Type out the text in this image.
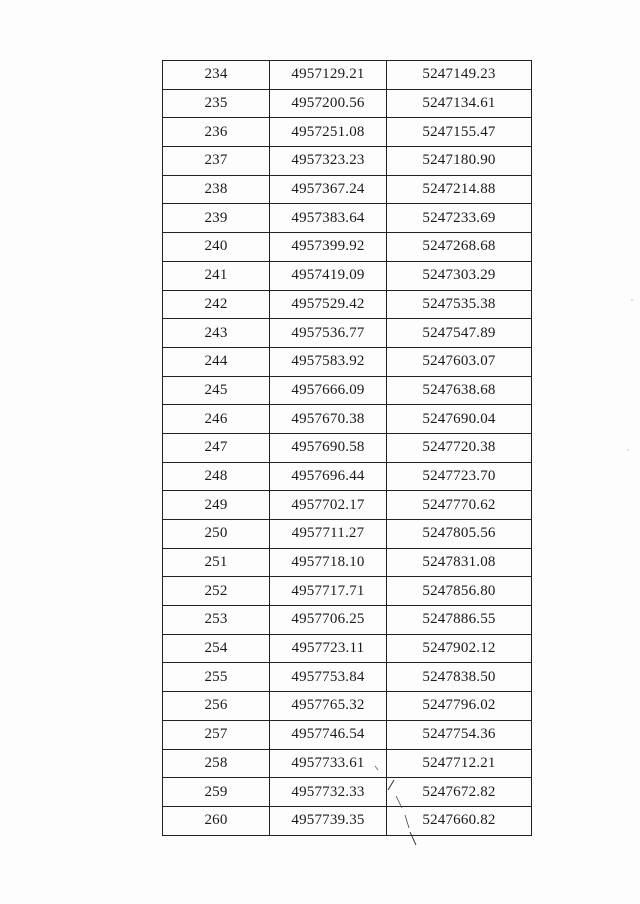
234	4957129.21	5247149.23
235	4957200.56	5247134.61
236	4957251.08	5247155.47
237	4957323.23	5247180.90
238	4957367.24	5247214.88
239	4957383.64	5247233.69
240	4957399.92	5247268.68
241	4957419.09	5247303.29
242	4957529.42	5247535.38
243	4957536.77	5247547.89
244	4957583.92	5247603.07
245	4957666.09	5247638.68
246	4957670.38	5247690.04
247	4957690.58	5247720.38
248	4957696.44	5247723.70
249	4957702.17	5247770.62
250	4957711.27	5247805.56
251	4957718.10	5247831.08
252	4957717.71	5247856.80
253	4957706.25	5247886.55
254	4957723.11	5247902.12
255	4957753.84	5247838.50
256	4957765.32	5247796.02
257	4957746.54	5247754.36
258	4957733.61	5247712.21
259	4957732.33	5247672.82
260	4957739.35	5247660.82
